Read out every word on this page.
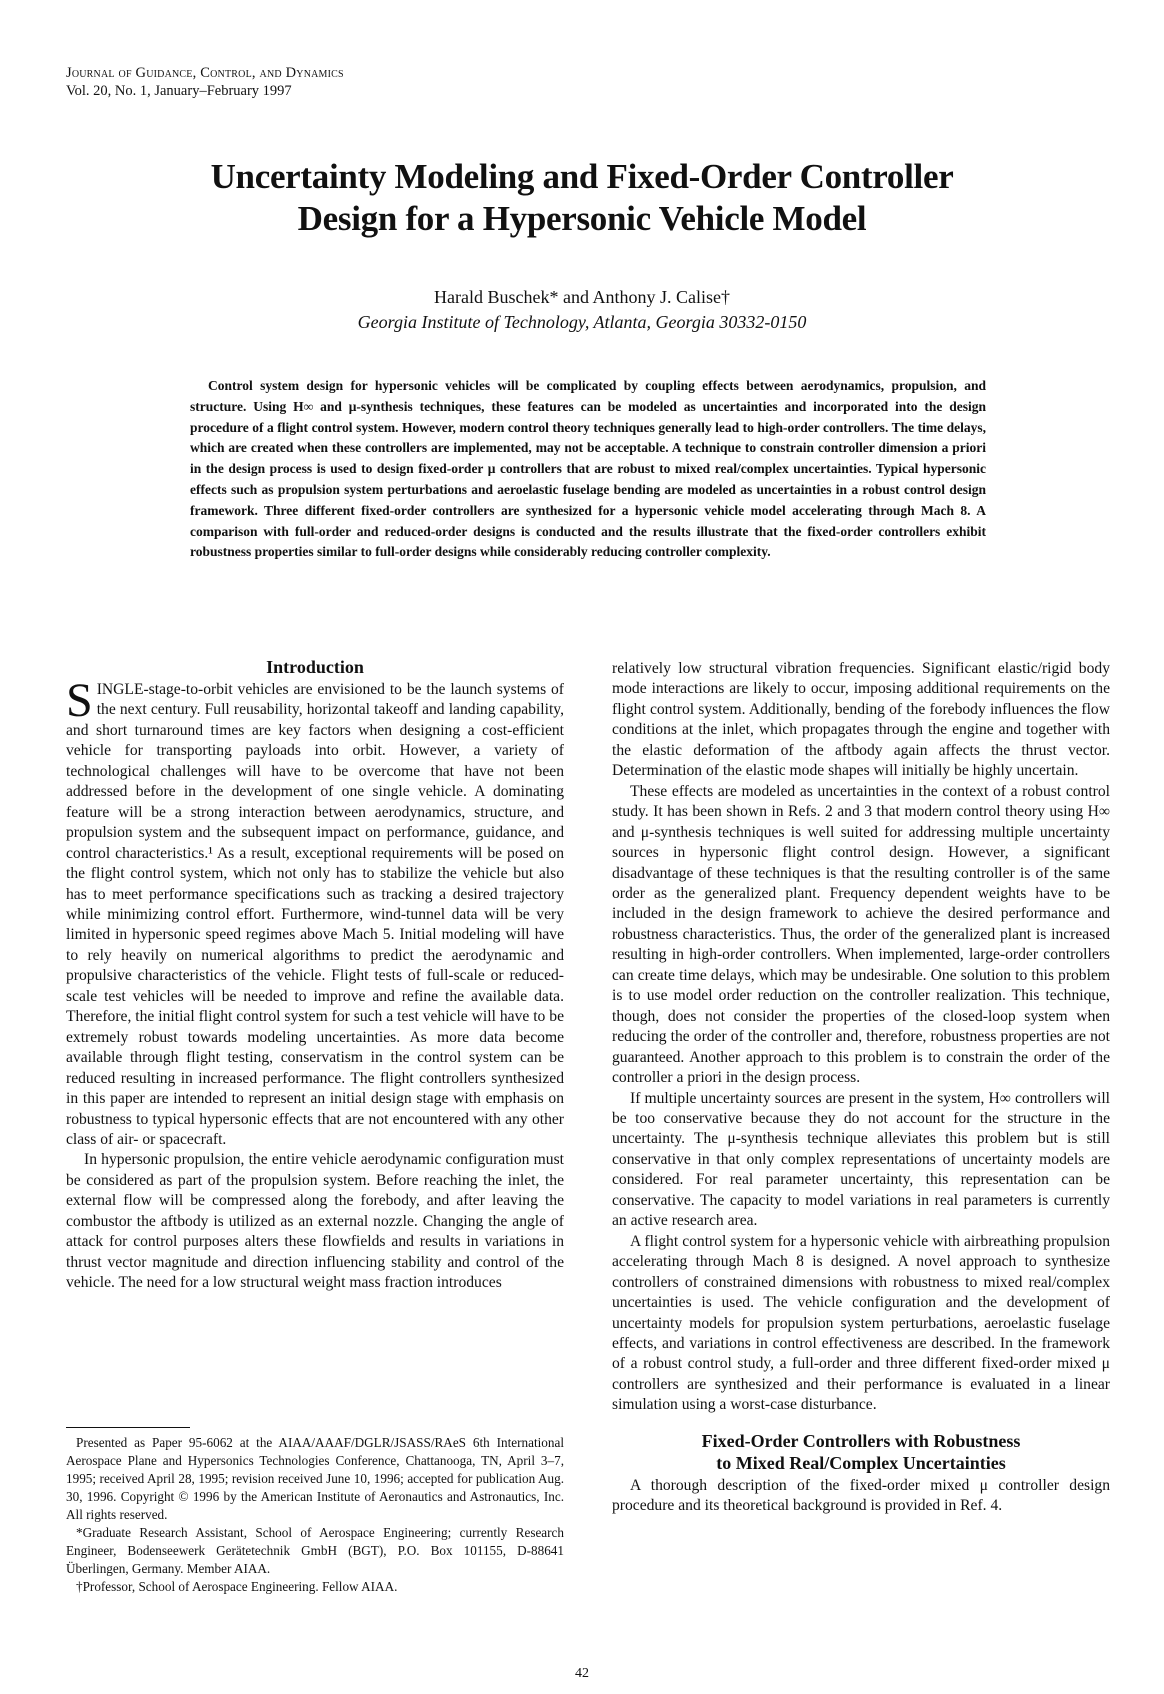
Journal of Guidance, Control, and Dynamics
Vol. 20, No. 1, January–February 1997
Uncertainty Modeling and Fixed-Order Controller
Design for a Hypersonic Vehicle Model
Harald Buschek* and Anthony J. Calise†
Georgia Institute of Technology, Atlanta, Georgia 30332-0150
Control system design for hypersonic vehicles will be complicated by coupling effects between aerodynamics, propulsion, and structure. Using H∞ and μ-synthesis techniques, these features can be modeled as uncertainties and incorporated into the design procedure of a flight control system. However, modern control theory techniques generally lead to high-order controllers. The time delays, which are created when these controllers are implemented, may not be acceptable. A technique to constrain controller dimension a priori in the design process is used to design fixed-order μ controllers that are robust to mixed real/complex uncertainties. Typical hypersonic effects such as propulsion system perturbations and aeroelastic fuselage bending are modeled as uncertainties in a robust control design framework. Three different fixed-order controllers are synthesized for a hypersonic vehicle model accelerating through Mach 8. A comparison with full-order and reduced-order designs is conducted and the results illustrate that the fixed-order controllers exhibit robustness properties similar to full-order designs while considerably reducing controller complexity.
Introduction

SINGLE-stage-to-orbit vehicles are envisioned to be the launch systems of the next century. Full reusability, horizontal takeoff and landing capability, and short turnaround times are key factors when designing a cost-efficient vehicle for transporting payloads into orbit. However, a variety of technological challenges will have to be overcome that have not been addressed before in the development of one single vehicle. A dominating feature will be a strong interaction between aerodynamics, structure, and propulsion system and the subsequent impact on performance, guidance, and control characteristics.¹ As a result, exceptional requirements will be posed on the flight control system, which not only has to stabilize the vehicle but also has to meet performance specifications such as tracking a desired trajectory while minimizing control effort. Furthermore, wind-tunnel data will be very limited in hypersonic speed regimes above Mach 5. Initial modeling will have to rely heavily on numerical algorithms to predict the aerodynamic and propulsive characteristics of the vehicle. Flight tests of full-scale or reduced-scale test vehicles will be needed to improve and refine the available data. Therefore, the initial flight control system for such a test vehicle will have to be extremely robust towards modeling uncertainties. As more data become available through flight testing, conservatism in the control system can be reduced resulting in increased performance. The flight controllers synthesized in this paper are intended to represent an initial design stage with emphasis on robustness to typical hypersonic effects that are not encountered with any other class of air- or spacecraft.

In hypersonic propulsion, the entire vehicle aerodynamic configuration must be considered as part of the propulsion system. Before reaching the inlet, the external flow will be compressed along the forebody, and after leaving the combustor the aftbody is utilized as an external nozzle. Changing the angle of attack for control purposes alters these flowfields and results in variations in thrust vector magnitude and direction influencing stability and control of the vehicle. The need for a low structural weight mass fraction introduces

relatively low structural vibration frequencies. Significant elastic/rigid body mode interactions are likely to occur, imposing additional requirements on the flight control system. Additionally, bending of the forebody influences the flow conditions at the inlet, which propagates through the engine and together with the elastic deformation of the aftbody again affects the thrust vector. Determination of the elastic mode shapes will initially be highly uncertain.

These effects are modeled as uncertainties in the context of a robust control study. It has been shown in Refs. 2 and 3 that modern control theory using H∞ and μ-synthesis techniques is well suited for addressing multiple uncertainty sources in hypersonic flight control design. However, a significant disadvantage of these techniques is that the resulting controller is of the same order as the generalized plant. Frequency dependent weights have to be included in the design framework to achieve the desired performance and robustness characteristics. Thus, the order of the generalized plant is increased resulting in high-order controllers. When implemented, large-order controllers can create time delays, which may be undesirable. One solution to this problem is to use model order reduction on the controller realization. This technique, though, does not consider the properties of the closed-loop system when reducing the order of the controller and, therefore, robustness properties are not guaranteed. Another approach to this problem is to constrain the order of the controller a priori in the design process.

If multiple uncertainty sources are present in the system, H∞ controllers will be too conservative because they do not account for the structure in the uncertainty. The μ-synthesis technique alleviates this problem but is still conservative in that only complex representations of uncertainty models are considered. For real parameter uncertainty, this representation can be conservative. The capacity to model variations in real parameters is currently an active research area.

A flight control system for a hypersonic vehicle with airbreathing propulsion accelerating through Mach 8 is designed. A novel approach to synthesize controllers of constrained dimensions with robustness to mixed real/complex uncertainties is used. The vehicle configuration and the development of uncertainty models for propulsion system perturbations, aeroelastic fuselage effects, and variations in control effectiveness are described. In the framework of a robust control study, a full-order and three different fixed-order mixed μ controllers are synthesized and their performance is evaluated in a linear simulation using a worst-case disturbance.

Fixed-Order Controllers with Robustness
to Mixed Real/Complex Uncertainties

A thorough description of the fixed-order mixed μ controller design procedure and its theoretical background is provided in Ref. 4.

Presented as Paper 95-6062 at the AIAA/AAAF/DGLR/JSASS/RAeS 6th International Aerospace Plane and Hypersonics Technologies Conference, Chattanooga, TN, April 3–7, 1995; received April 28, 1995; revision received June 10, 1996; accepted for publication Aug. 30, 1996. Copyright © 1996 by the American Institute of Aeronautics and Astronautics, Inc. All rights reserved.

*Graduate Research Assistant, School of Aerospace Engineering; currently Research Engineer, Bodenseewerk Gerätetechnik GmbH (BGT), P.O. Box 101155, D-88641 Überlingen, Germany. Member AIAA.

†Professor, School of Aerospace Engineering. Fellow AIAA.

42
